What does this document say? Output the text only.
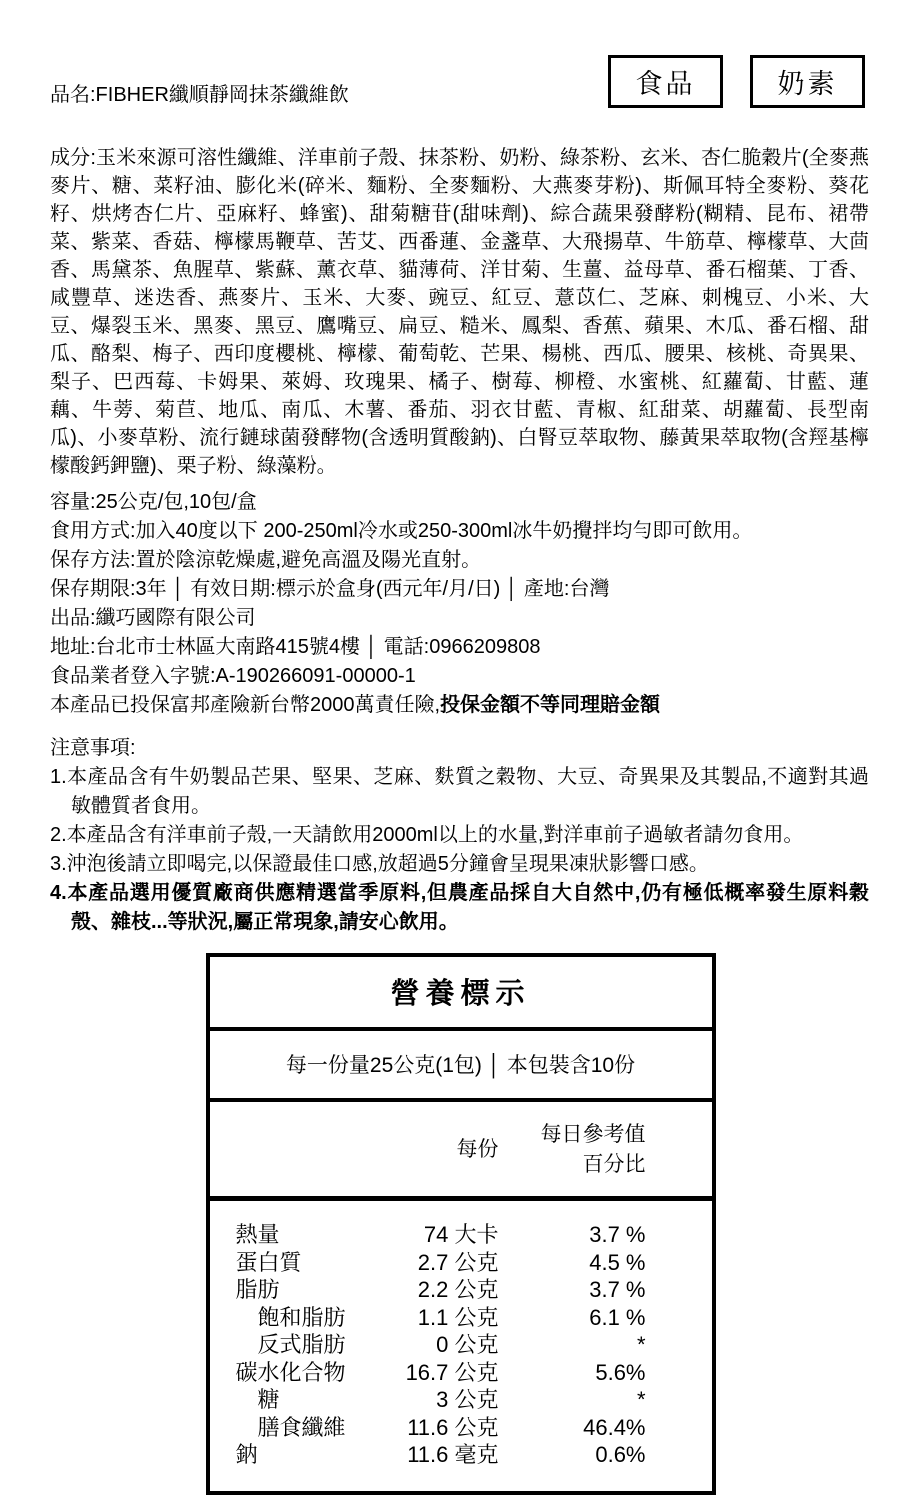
品名:FIBHER纖順靜岡抹茶纖維飲	食品	奶素

成分:玉米來源可溶性纖維、洋車前子殼、抹茶粉、奶粉、綠茶粉、玄米、杏仁脆穀片(全麥燕麥片、糖、菜籽油、膨化米(碎米、麵粉、全麥麵粉、大燕麥芽粉)、斯佩耳特全麥粉、葵花籽、烘烤杏仁片、亞麻籽、蜂蜜)、甜菊糖苷(甜味劑)、綜合蔬果發酵粉(糊精、昆布、裙帶菜、紫菜、香菇、檸檬馬鞭草、苦艾、西番蓮、金盞草、大飛揚草、牛筋草、檸檬草、大茴香、馬黛茶、魚腥草、紫蘇、薰衣草、貓薄荷、洋甘菊、生薑、益母草、番石榴葉、丁香、咸豐草、迷迭香、燕麥片、玉米、大麥、豌豆、紅豆、薏苡仁、芝麻、刺槐豆、小米、大豆、爆裂玉米、黑麥、黑豆、鷹嘴豆、扁豆、糙米、鳳梨、香蕉、蘋果、木瓜、番石榴、甜瓜、酪梨、梅子、西印度櫻桃、檸檬、葡萄乾、芒果、楊桃、西瓜、腰果、核桃、奇異果、梨子、巴西莓、卡姆果、萊姆、玫瑰果、橘子、樹莓、柳橙、水蜜桃、紅蘿蔔、甘藍、蓮藕、牛蒡、菊苣、地瓜、南瓜、木薯、番茄、羽衣甘藍、青椒、紅甜菜、胡蘿蔔、長型南瓜)、小麥草粉、流行鏈球菌發酵物(含透明質酸鈉)、白腎豆萃取物、藤黃果萃取物(含羥基檸檬酸鈣鉀鹽)、栗子粉、綠藻粉。

容量:25公克/包,10包/盒

食用方式:加入40度以下 200-250ml冷水或250-300ml冰牛奶攪拌均勻即可飲用。

保存方法:置於陰涼乾燥處,避免高溫及陽光直射。

保存期限:3年 │ 有效日期:標示於盒身(西元年/月/日) │ 產地:台灣

出品:纖巧國際有限公司

地址:台北市士林區大南路415號4樓 │ 電話:0966209808

食品業者登入字號:A-190266091-00000-1

本產品已投保富邦產險新台幣2000萬責任險,投保金額不等同理賠金額

注意事項:

1.本產品含有牛奶製品芒果、堅果、芝麻、麩質之穀物、大豆、奇異果及其製品,不適對其過敏體質者食用。

2.本產品含有洋車前子殼,一天請飲用2000ml以上的水量,對洋車前子過敏者請勿食用。

3.沖泡後請立即喝完,以保證最佳口感,放超過5分鐘會呈現果凍狀影響口感。

4.本產品選用優質廠商供應精選當季原料,但農產品採自大自然中,仍有極低概率發生原料穀殼、雜枝...等狀況,屬正常現象,請安心飲用。

營養標示
每一份量25公克(1包) │ 本包裝含10份
每份
每日參考值
百分比
熱量	74 大卡	3.7 %
蛋白質	2.7 公克	4.5 %
脂肪	2.2 公克	3.7 %
飽和脂肪	1.1 公克	6.1 %
反式脂肪	0 公克	*
碳水化合物	16.7 公克	5.6%
糖	3 公克	*
膳食纖維	11.6 公克	46.4%
鈉	11.6 毫克	0.6%
